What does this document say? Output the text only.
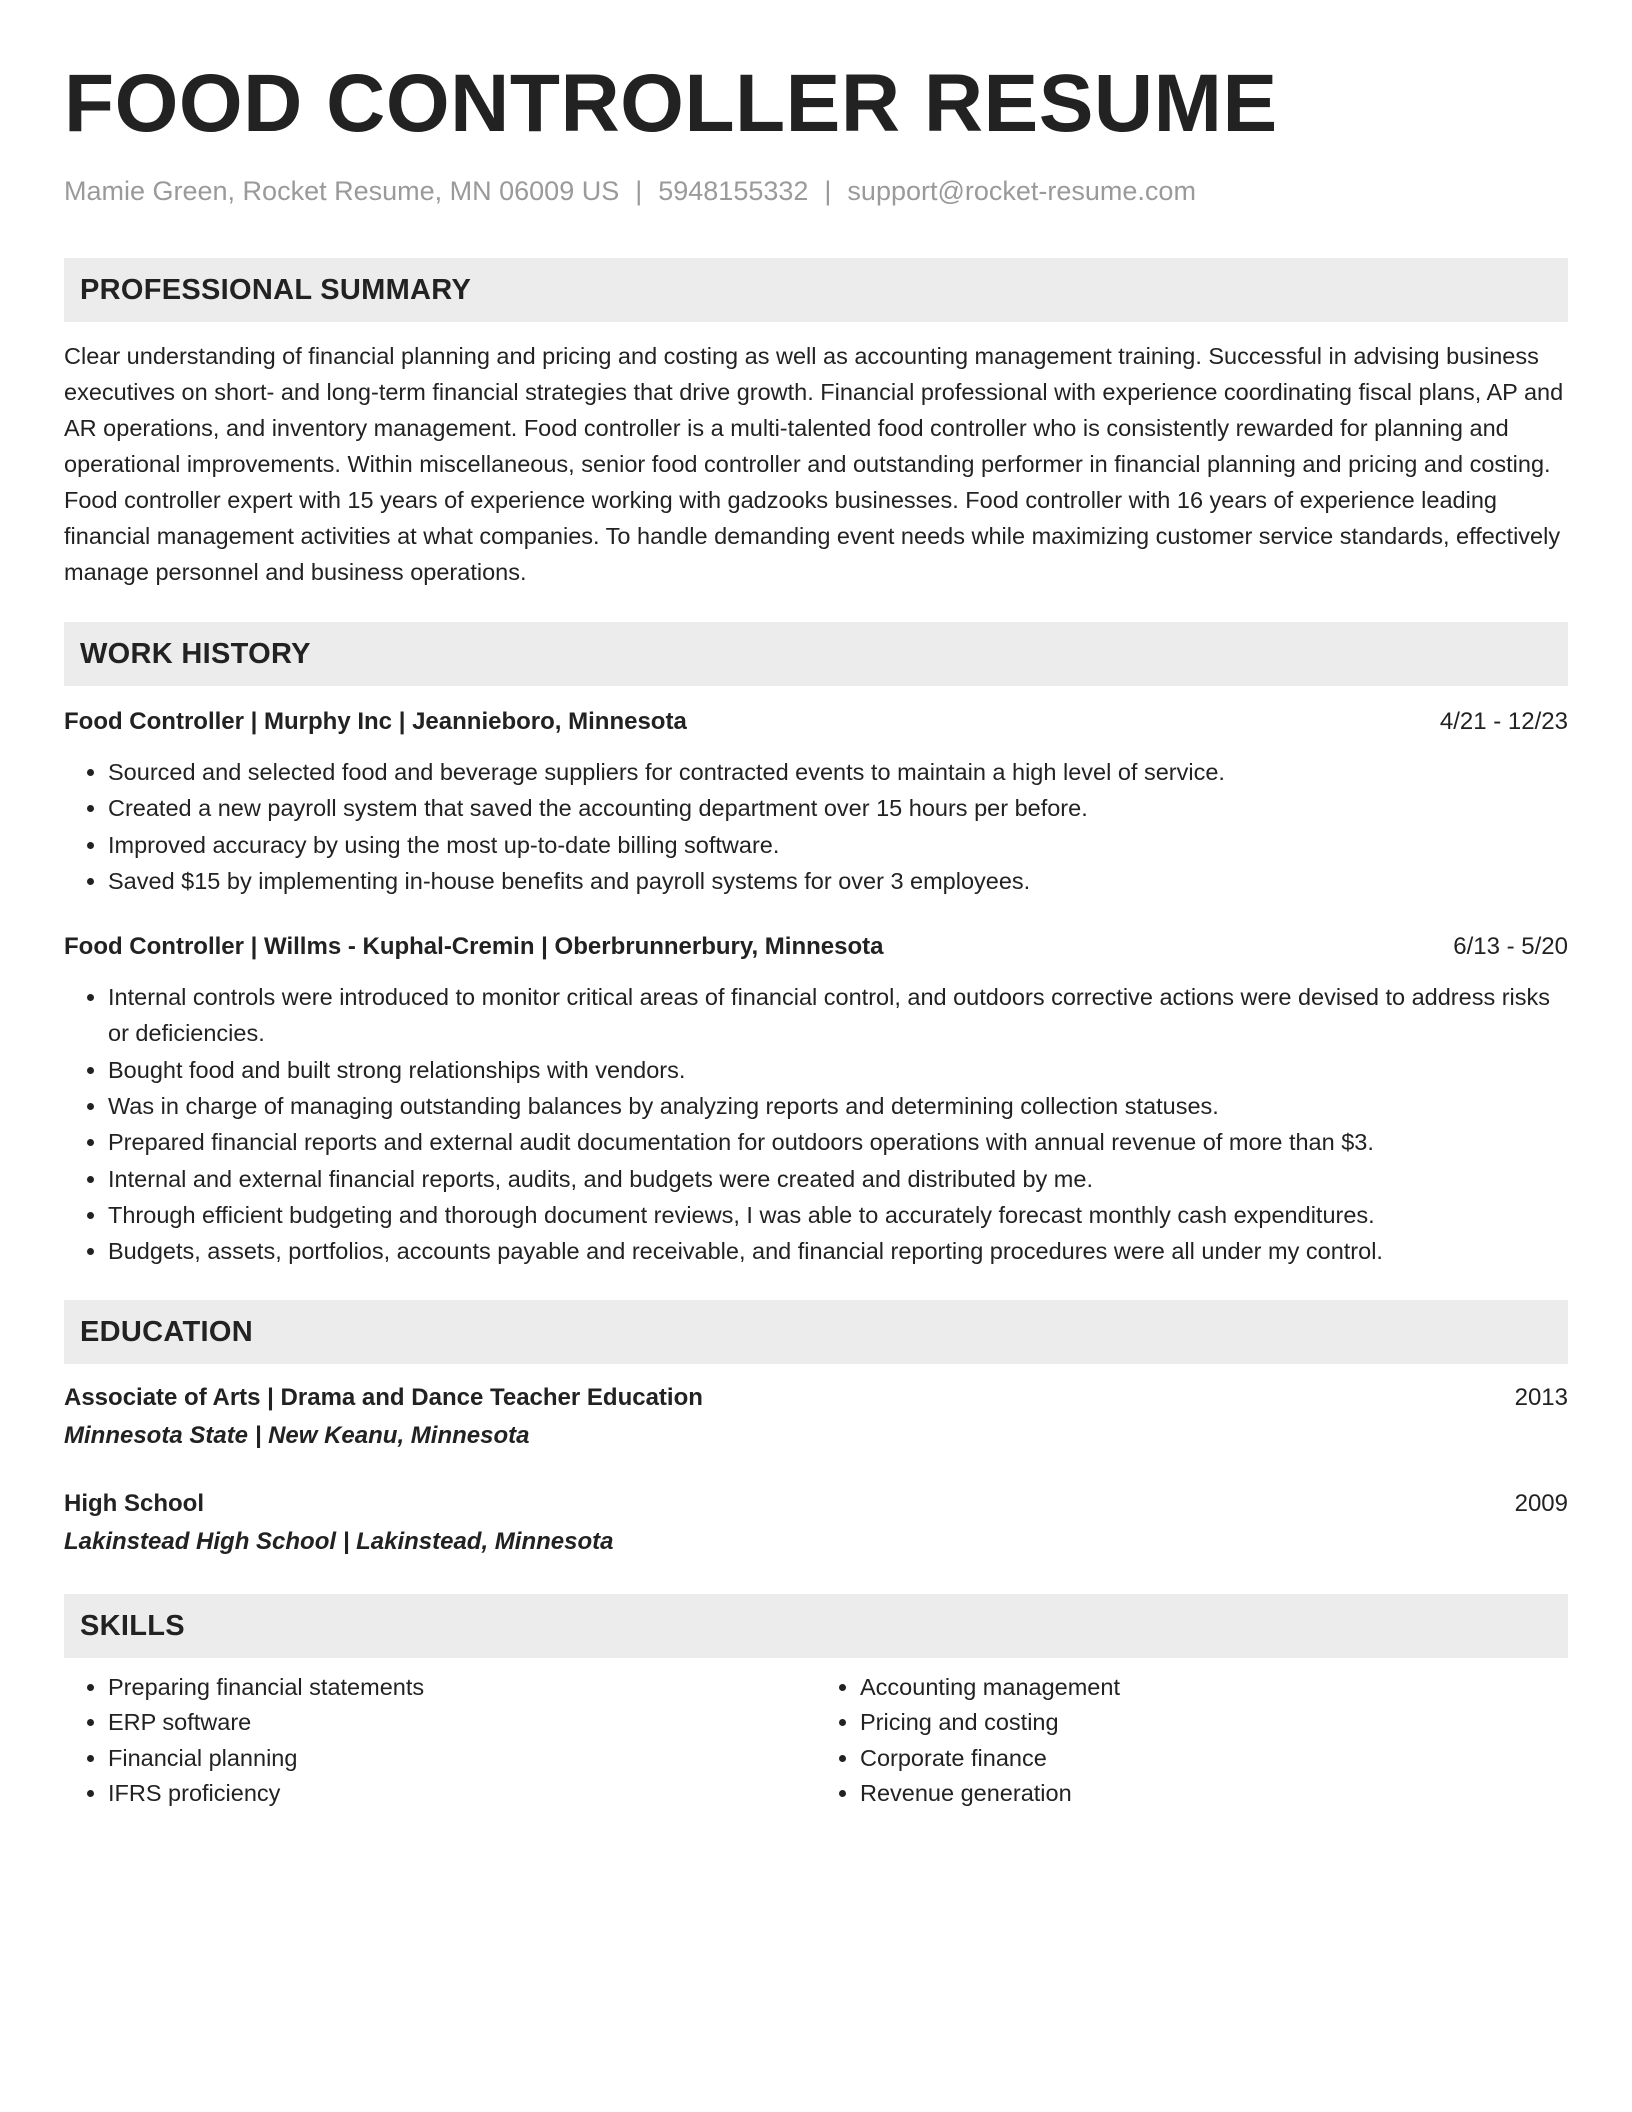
FOOD CONTROLLER RESUME
Mamie Green, Rocket Resume, MN 06009 US | 5948155332 | support@rocket-resume.com
PROFESSIONAL SUMMARY
Clear understanding of financial planning and pricing and costing as well as accounting management training. Successful in advising business executives on short- and long-term financial strategies that drive growth. Financial professional with experience coordinating fiscal plans, AP and AR operations, and inventory management. Food controller is a multi-talented food controller who is consistently rewarded for planning and operational improvements. Within miscellaneous, senior food controller and outstanding performer in financial planning and pricing and costing. Food controller expert with 15 years of experience working with gadzooks businesses. Food controller with 16 years of experience leading financial management activities at what companies. To handle demanding event needs while maximizing customer service standards, effectively manage personnel and business operations.
WORK HISTORY
Food Controller | Murphy Inc | Jeannieboro, Minnesota	4/21 - 12/23
• Sourced and selected food and beverage suppliers for contracted events to maintain a high level of service.
• Created a new payroll system that saved the accounting department over 15 hours per before.
• Improved accuracy by using the most up-to-date billing software.
• Saved $15 by implementing in-house benefits and payroll systems for over 3 employees.
Food Controller | Willms - Kuphal-Cremin | Oberbrunnerbury, Minnesota	6/13 - 5/20
• Internal controls were introduced to monitor critical areas of financial control, and outdoors corrective actions were devised to address risks or deficiencies.
• Bought food and built strong relationships with vendors.
• Was in charge of managing outstanding balances by analyzing reports and determining collection statuses.
• Prepared financial reports and external audit documentation for outdoors operations with annual revenue of more than $3.
• Internal and external financial reports, audits, and budgets were created and distributed by me.
• Through efficient budgeting and thorough document reviews, I was able to accurately forecast monthly cash expenditures.
• Budgets, assets, portfolios, accounts payable and receivable, and financial reporting procedures were all under my control.
EDUCATION
Associate of Arts | Drama and Dance Teacher Education	2013
Minnesota State | New Keanu, Minnesota
High School	2009
Lakinstead High School | Lakinstead, Minnesota
SKILLS
• Preparing financial statements
• ERP software
• Financial planning
• IFRS proficiency
• Accounting management
• Pricing and costing
• Corporate finance
• Revenue generation
